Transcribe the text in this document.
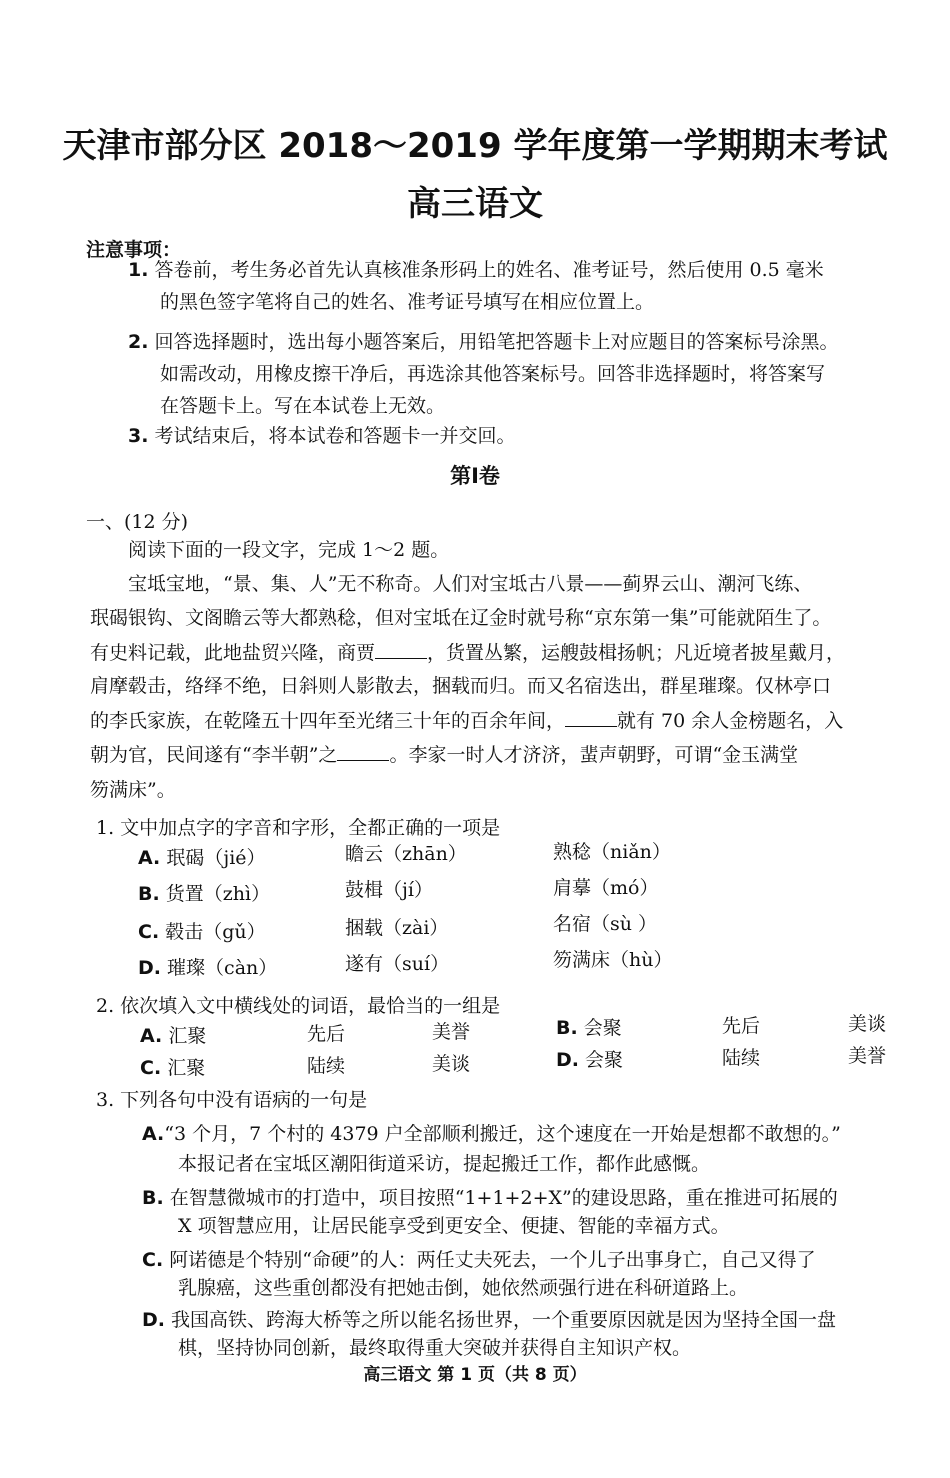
天津市部分区 2018～2019 学年度第一学期期末考试
高三语文
注意事项：
1. 答卷前，考生务必首先认真核准条形码上的姓名、准考证号，然后使用 0.5 毫米
的黑色签字笔将自己的姓名、准考证号填写在相应位置上。
2. 回答选择题时，选出每小题答案后，用铅笔把答题卡上对应题目的答案标号涂黑。
如需改动，用橡皮擦干净后，再选涂其他答案标号。回答非选择题时，将答案写
在答题卡上。写在本试卷上无效。
3. 考试结束后，将本试卷和答题卡一并交回。
第Ⅰ卷
一、(12 分)
阅读下面的一段文字，完成 1～2 题。
宝坻宝地，“景、集、人”无不称奇。人们对宝坻古八景——蓟界云山、潮河飞练、
珉碣银钩、文阁瞻云等大都熟稔，但对宝坻在辽金时就号称“京东第一集”可能就陌生了。
有史料记载，此地盐贸兴隆，商贾	，货置丛繁，运艘鼓楫扬帆；凡近境者披星戴月，
肩摩毂击，络绎不绝，日斜则人影散去，捆载而归。而又名宿迭出，群星璀璨。仅林亭口
的李氏家族，在乾隆五十四年至光绪三十年的百余年间，	就有 70 余人金榜题名，入
朝为官，民间遂有“李半朝”之	。李家一时人才济济，蜚声朝野，可谓“金玉满堂
笏满床”。
1. 文中加点字的字音和字形，全都正确的一项是
A. 珉碣（jié）	瞻云（zhān）	熟稔（niǎn）
B. 货置（zhì）	鼓楫（jí）	肩摹（mó）
C. 毂击（gǔ）	捆载（zài）	名宿（sù ）
D. 璀璨（càn）	遂有（suí）	笏满床（hù）
2. 依次填入文中横线处的词语，最恰当的一组是
A. 汇聚	先后	美誉	B. 会聚	先后	美谈
C. 汇聚	陆续	美谈	D. 会聚	陆续	美誉
3. 下列各句中没有语病的一句是
A.“3 个月，7 个村的 4379 户全部顺利搬迁，这个速度在一开始是想都不敢想的。”
本报记者在宝坻区潮阳街道采访，提起搬迁工作，都作此感慨。
B. 在智慧微城市的打造中，项目按照“1+1+2+X”的建设思路，重在推进可拓展的
X 项智慧应用，让居民能享受到更安全、便捷、智能的幸福方式。
C. 阿诺德是个特别“命硬”的人：两任丈夫死去，一个儿子出事身亡，自己又得了
乳腺癌，这些重创都没有把她击倒，她依然顽强行进在科研道路上。
D. 我国高铁、跨海大桥等之所以能名扬世界，一个重要原因就是因为坚持全国一盘
棋，坚持协同创新，最终取得重大突破并获得自主知识产权。
高三语文 第 1 页（共 8 页）
